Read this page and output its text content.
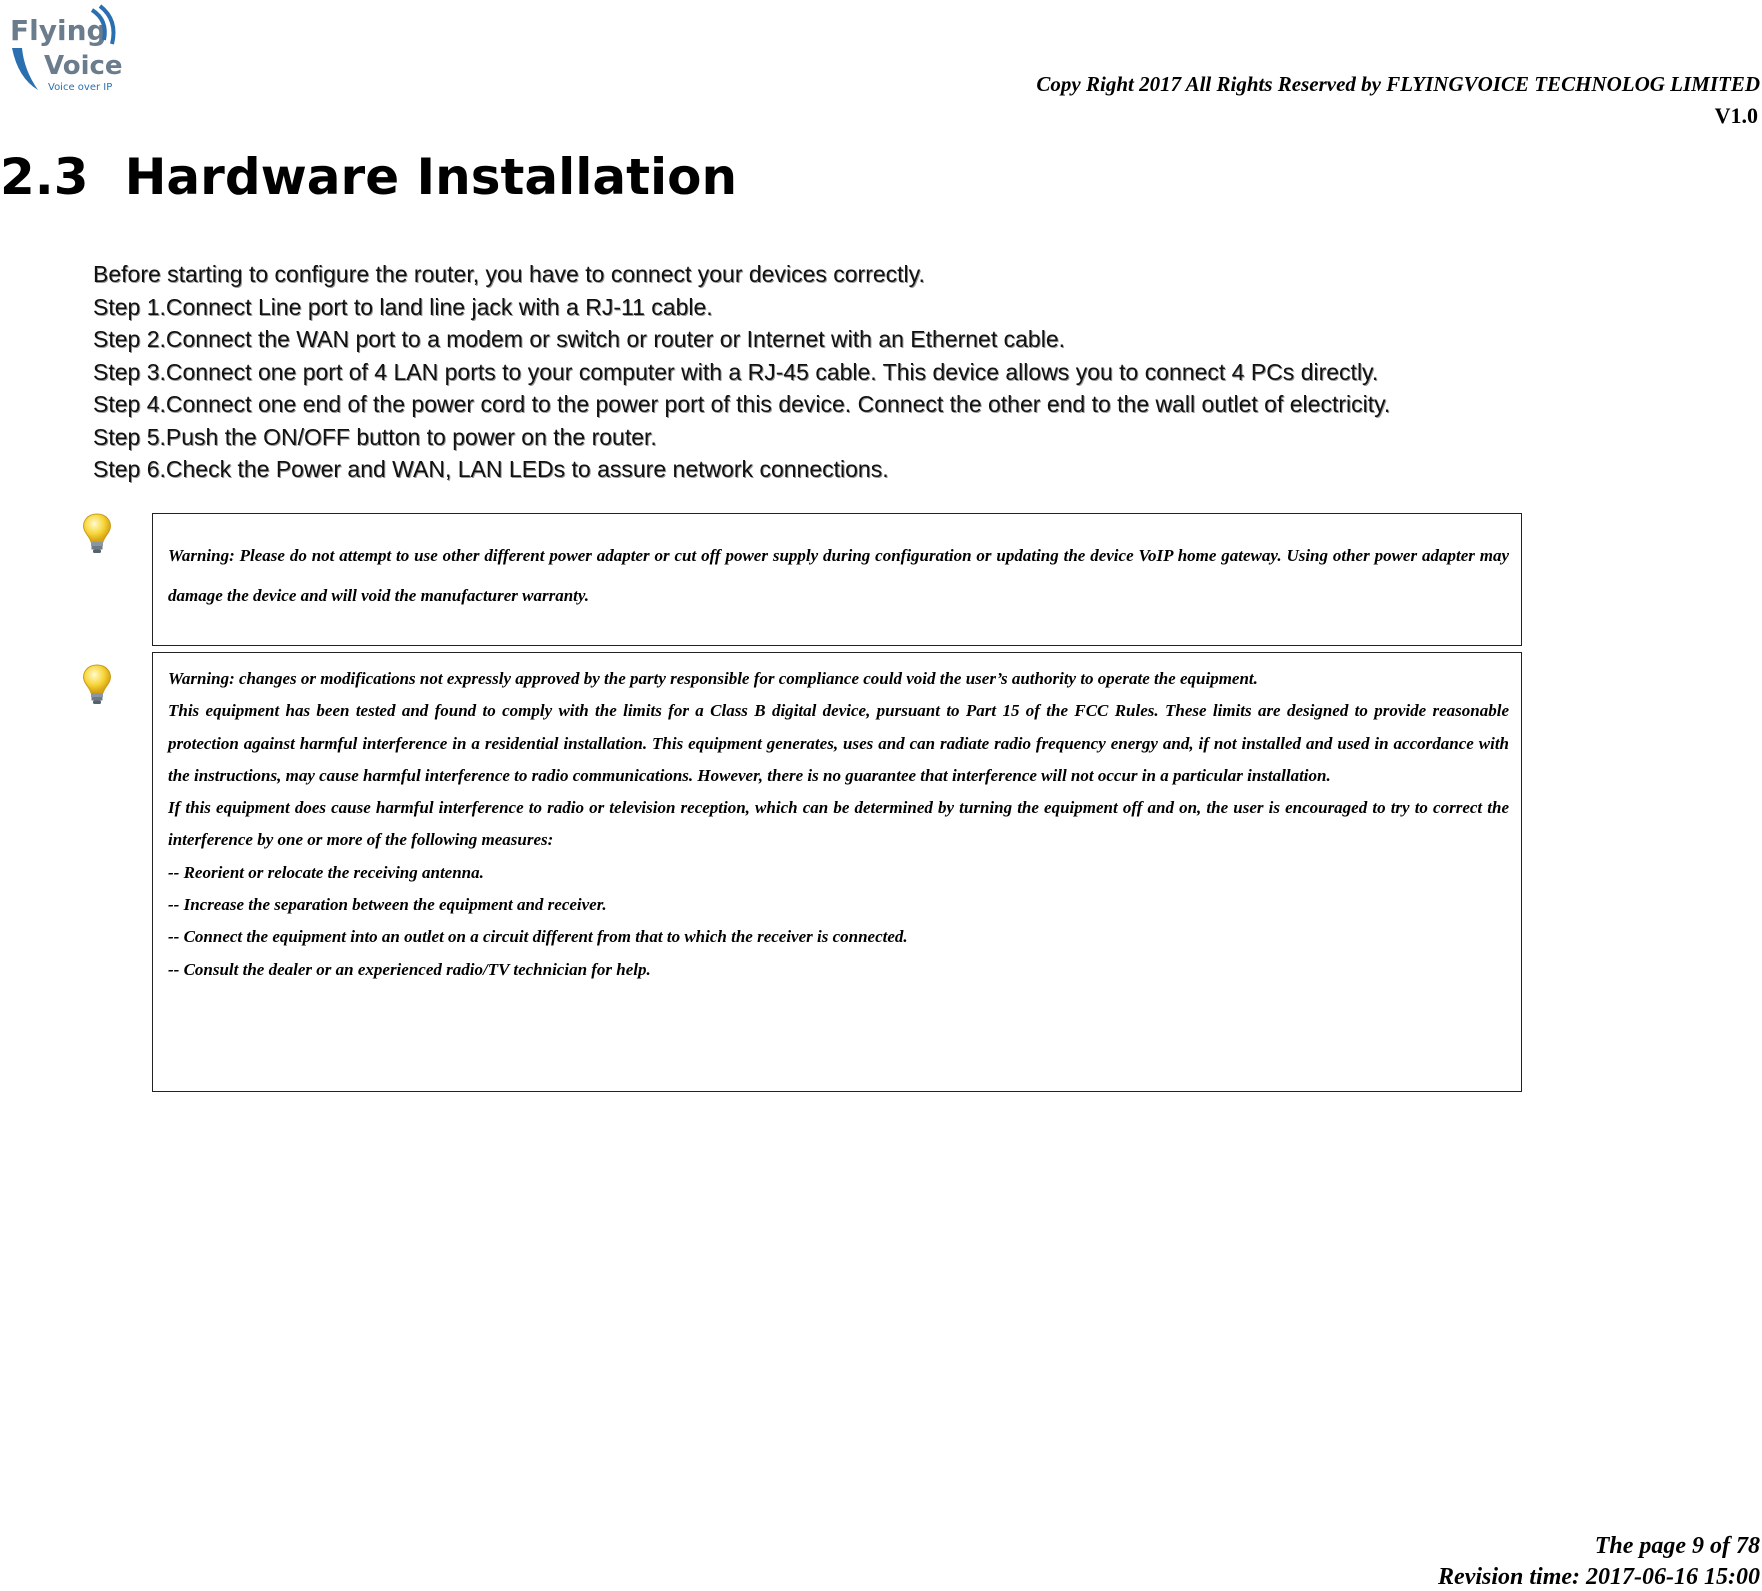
Flying
Voice
Voice over IP	Copy Right 2017 All Rights Reserved by FLYINGVOICE TECHNOLOG LIMITED
V1.0
2.3 Hardware Installation
Before starting to configure the router, you have to connect your devices correctly.
Step 1.Connect Line port to land line jack with a RJ-11 cable.
Step 2.Connect the WAN port to a modem or switch or router or Internet with an Ethernet cable.
Step 3.Connect one port of 4 LAN ports to your computer with a RJ-45 cable. This device allows you to connect 4 PCs directly.
Step 4.Connect one end of the power cord to the power port of this device. Connect the other end to the wall outlet of electricity.
Step 5.Push the ON/OFF button to power on the router.
Step 6.Check the Power and WAN, LAN LEDs to assure network connections.

Warning: Please do not attempt to use other different power adapter or cut off power supply during configuration or updating the device VoIP home gateway. Using other power adapter may damage the device and will void the manufacturer warranty.

Warning: changes or modifications not expressly approved by the party responsible for compliance could void the user’s authority to operate the equipment.

This equipment has been tested and found to comply with the limits for a Class B digital device, pursuant to Part 15 of the FCC Rules. These limits are designed to provide reasonable protection against harmful interference in a residential installation. This equipment generates, uses and can radiate radio frequency energy and, if not installed and used in accordance with the instructions, may cause harmful interference to radio communications. However, there is no guarantee that interference will not occur in a particular installation.

If this equipment does cause harmful interference to radio or television reception, which can be determined by turning the equipment off and on, the user is encouraged to try to correct the interference by one or more of the following measures:

-- Reorient or relocate the receiving antenna.

-- Increase the separation between the equipment and receiver.

-- Connect the equipment into an outlet on a circuit different from that to which the receiver is connected.

-- Consult the dealer or an experienced radio/TV technician for help.

The page 9 of 78
Revision time: 2017-06-16 15:00
